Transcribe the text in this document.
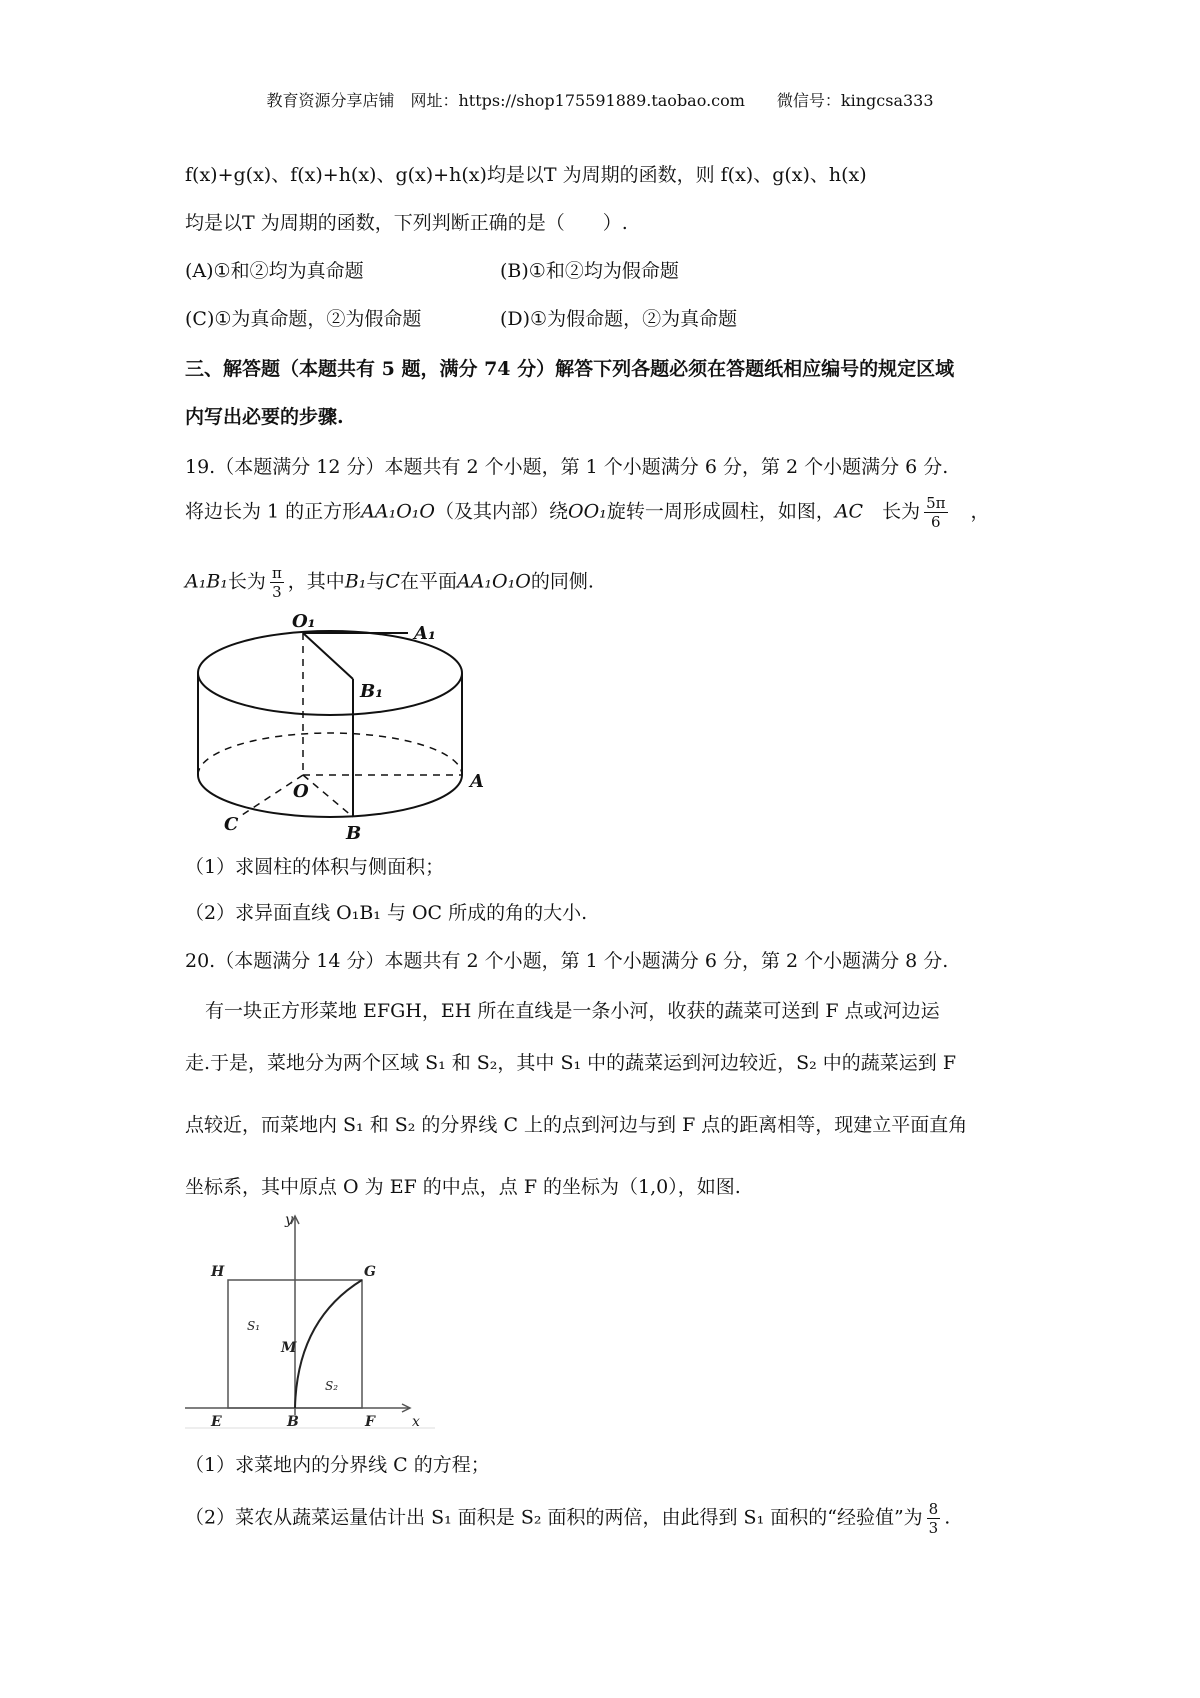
教育资源分享店铺　网址：https://shop175591889.taobao.com　　微信号：kingcsa333
f(x)+g(x)、f(x)+h(x)、g(x)+h(x)均是以T 为周期的函数，则 f(x)、g(x)、h(x)
均是以T 为周期的函数，下列判断正确的是（　　）.
(A)①和②均为真命题	(B)①和②均为假命题
(C)①为真命题，②为假命题	(D)①为假命题，②为真命题
三、解答题（本题共有 5 题，满分 74 分）解答下列各题必须在答题纸相应编号的规定区域
内写出必要的步骤.
19.（本题满分 12 分）本题共有 2 个小题，第 1 个小题满分 6 分，第 2 个小题满分 6 分.
将边长为 1 的正方形AA₁O₁O（及其内部）绕OO₁旋转一周形成圆柱，如图，AC　 长为 $\frac{5\pi}{6}$
　 ，
A₁B₁长为 $\frac{\pi}{3}$ ，其中B₁与C在平面AA₁O₁O的同侧.
O₁
A₁
B₁
O	A
C	B
（1）求圆柱的体积与侧面积；
（2）求异面直线 O₁B₁ 与 OC 所成的角的大小.
20.（本题满分 14 分）本题共有 2 个小题，第 1 个小题满分 6 分，第 2 个小题满分 8 分.
有一块正方形菜地 EFGH，EH 所在直线是一条小河，收获的蔬菜可送到 F 点或河边运
走.于是，菜地分为两个区域 S₁ 和 S₂，其中 S₁ 中的蔬菜运到河边较近，S₂ 中的蔬菜运到 F
点较近，而菜地内 S₁ 和 S₂ 的分界线 C 上的点到河边与到 F 点的距离相等，现建立平面直角
坐标系，其中原点 O 为 EF 的中点，点 F 的坐标为（1,0），如图.
y
x
H	G
E	B	F
M
S₁
S₂
（1）求菜地内的分界线 C 的方程；
（2）菜农从蔬菜运量估计出 S₁ 面积是 S₂ 面积的两倍，由此得到 S₁ 面积的“经验值”为 $\frac{8}{3}$ .
